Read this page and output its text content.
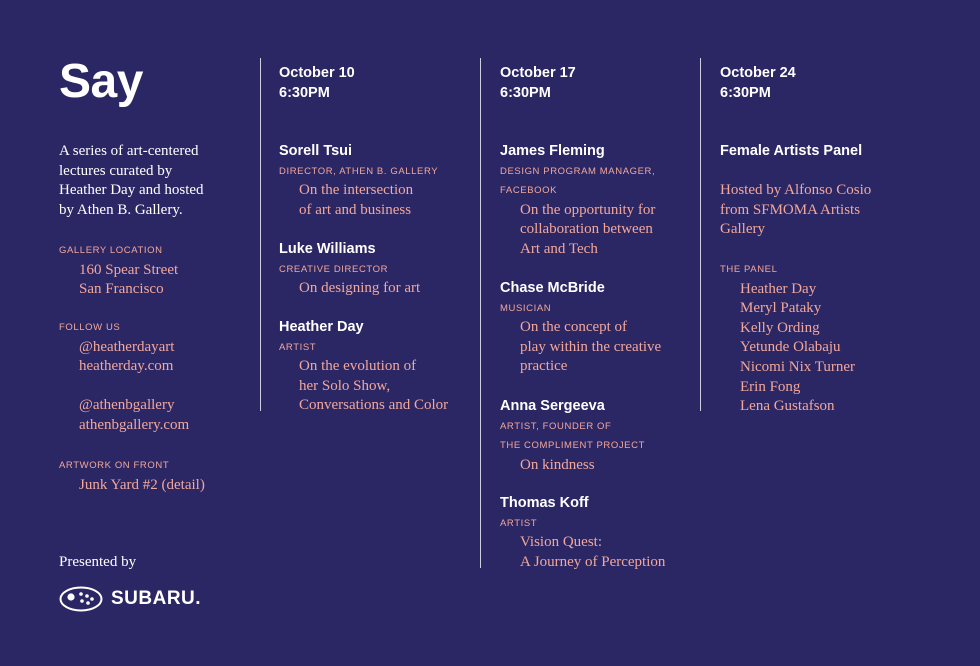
Say
A series of art-centered
lectures curated by
Heather Day and hosted
by Athen B. Gallery.
GALLERY LOCATION
160 Spear Street
San Francisco
FOLLOW US
@heatherdayart
heatherday.com
@athenbgallery
athenbgallery.com
ARTWORK ON FRONT
Junk Yard #2 (detail)
Presented by
SUBARU.
October 10
6:30PM
Sorell Tsui
DIRECTOR, ATHEN B. GALLERY
On the intersection
of art and business
Luke Williams
CREATIVE DIRECTOR
On designing for art
Heather Day
ARTIST
On the evolution of
her Solo Show,
Conversations and Color
October 17
6:30PM
James Fleming
DESIGN PROGRAM MANAGER,
FACEBOOK
On the opportunity for
collaboration between
Art and Tech
Chase McBride
MUSICIAN
On the concept of
play within the creative
practice
Anna Sergeeva
ARTIST, FOUNDER OF
THE COMPLIMENT PROJECT
On kindness
Thomas Koff
ARTIST
Vision Quest:
A Journey of Perception
October 24
6:30PM
Female Artists Panel
Hosted by Alfonso Cosio
from SFMOMA Artists
Gallery
THE PANEL
Heather Day
Meryl Pataky
Kelly Ording
Yetunde Olabaju
Nicomi Nix Turner
Erin Fong
Lena Gustafson
